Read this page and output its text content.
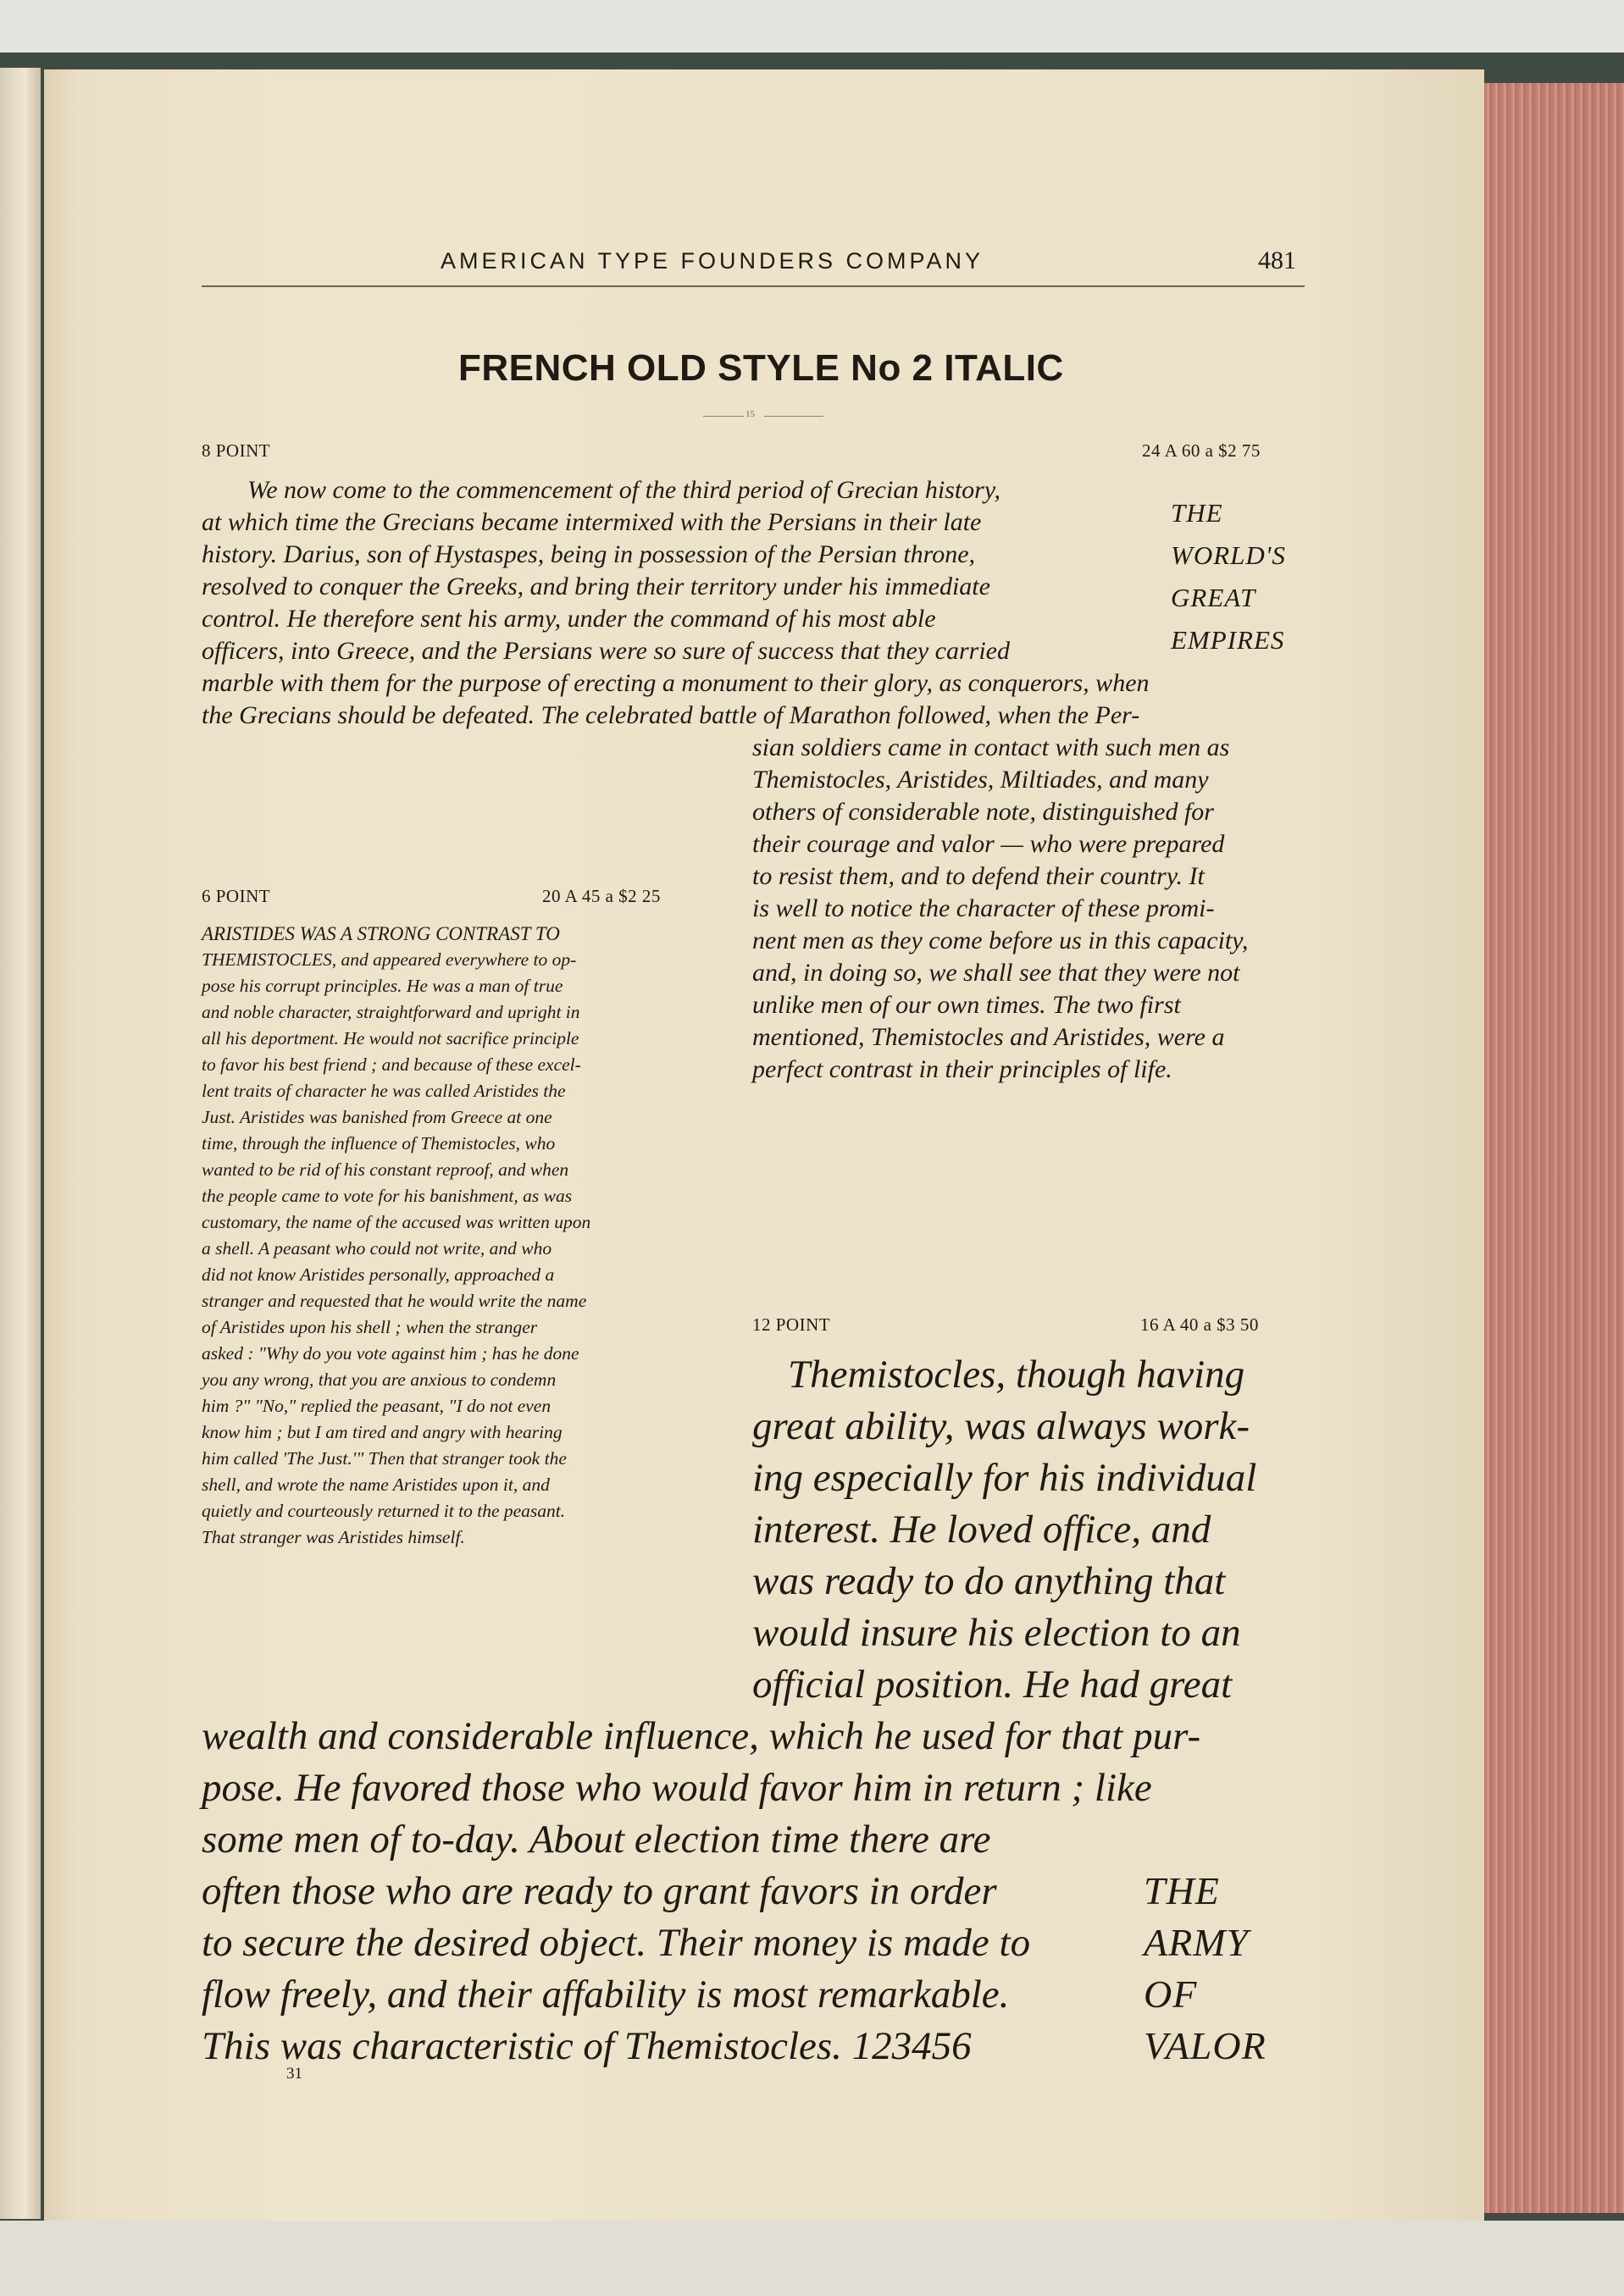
AMERICAN TYPE FOUNDERS COMPANY	481

FRENCH OLD STYLE No 2 ITALIC

15

8 POINT	24 A 60 a $2 75

We now come to the commencement of the third period of Grecian history,

at which time the Grecians became intermixed with the Persians in their late

history. Darius, son of Hystaspes, being in possession of the Persian throne,

resolved to conquer the Greeks, and bring their territory under his immediate

control. He therefore sent his army, under the command of his most able

officers, into Greece, and the Persians were so sure of success that they carried

marble with them for the purpose of erecting a monument to their glory, as conquerors, when

the Grecians should be defeated. The celebrated battle of Marathon followed, when the Per-

sian soldiers came in contact with such men as

Themistocles, Aristides, Miltiades, and many

others of considerable note, distinguished for

their courage and valor — who were prepared

to resist them, and to defend their country. It

is well to notice the character of these promi-

nent men as they come before us in this capacity,

and, in doing so, we shall see that they were not

unlike men of our own times. The two first

mentioned, Themistocles and Aristides, were a

perfect contrast in their principles of life.

THE

WORLD'S

GREAT

EMPIRES

6 POINT	20 A 45 a $2 25

ARISTIDES WAS A STRONG CONTRAST TO

THEMISTOCLES, and appeared everywhere to op-

pose his corrupt principles. He was a man of true

and noble character, straightforward and upright in

all his deportment. He would not sacrifice principle

to favor his best friend ; and because of these excel-

lent traits of character he was called Aristides the

Just. Aristides was banished from Greece at one

time, through the influence of Themistocles, who

wanted to be rid of his constant reproof, and when

the people came to vote for his banishment, as was

customary, the name of the accused was written upon

a shell. A peasant who could not write, and who

did not know Aristides personally, approached a

stranger and requested that he would write the name

of Aristides upon his shell ; when the stranger

asked : "Why do you vote against him ; has he done

you any wrong, that you are anxious to condemn

him ?" "No," replied the peasant, "I do not even

know him ; but I am tired and angry with hearing

him called 'The Just.'" Then that stranger took the

shell, and wrote the name Aristides upon it, and

quietly and courteously returned it to the peasant.

That stranger was Aristides himself.

12 POINT	16 A 40 a $3 50

Themistocles, though having

great ability, was always work-

ing especially for his individual

interest. He loved office, and

was ready to do anything that

would insure his election to an

official position. He had great

wealth and considerable influence, which he used for that pur-

pose. He favored those who would favor him in return ; like

some men of to-day. About election time there are

often those who are ready to grant favors in order

to secure the desired object. Their money is made to

flow freely, and their affability is most remarkable.

This was characteristic of Themistocles. 123456

THE

ARMY

OF

VALOR

31
